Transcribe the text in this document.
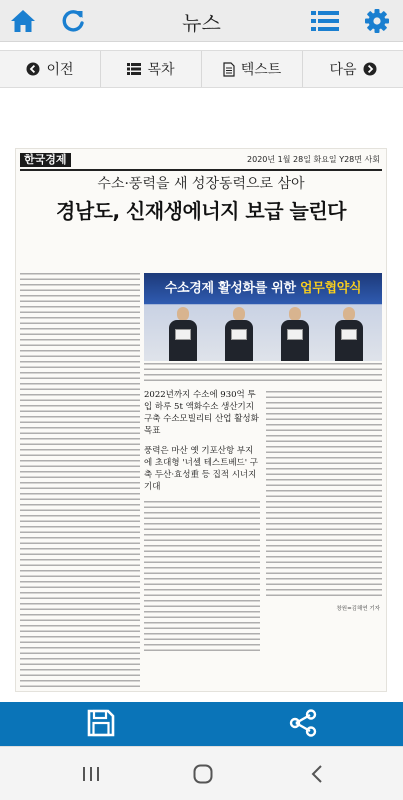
뉴스
이전	목차	텍스트	다음
한국경제	2020년 1월 28일 화요일 Y28면 사회
수소·풍력을 새 성장동력으로 삼아
경남도, 신재생에너지 보급 늘린다
수소경제 활성화를 위한 업무협약식
2022년까지 수소에 930억 투입 하루 5t 액화수소 생산기지 구축 수소모빌리티 산업 활성화 목표
풍력은 마산 옛 기포산항 부지에 초대형 '너셀 테스트베드' 구축 두산·효성重 등 집적 시너지 기대
창원=김해연 기자
